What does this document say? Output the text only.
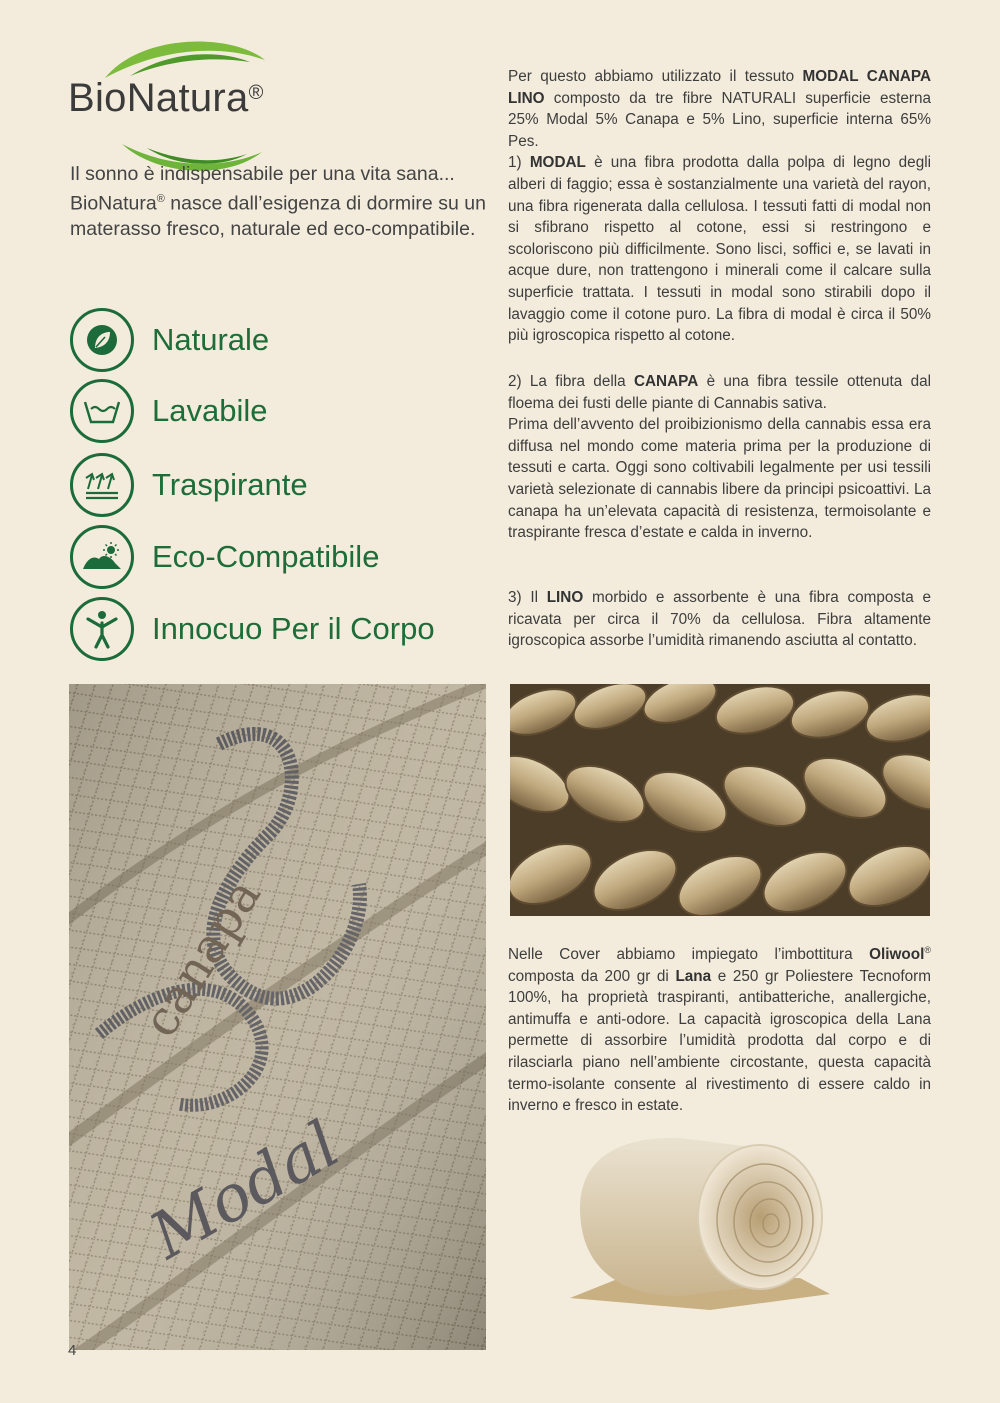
BioNatura®

Il sonno è indispensabile per una vita sana...

BioNatura® nasce dall’esigenza di dormire su un materasso fresco, naturale ed eco-compatibile.

Naturale
Lavabile
Traspirante
Eco-Compatibile
Innocuo Per il Corpo

Per questo abbiamo utilizzato il tessuto MODAL CANAPA LINO composto da tre fibre NATURALI superficie esterna 25% Modal 5% Canapa e 5% Lino, superficie interna 65% Pes.

1) MODAL è una fibra prodotta dalla polpa di legno degli alberi di faggio; essa è sostanzialmente una varietà del rayon, una fibra rigenerata dalla cellulosa. I tessuti fatti di modal non si sfibrano rispetto al cotone, essi si restringono e scoloriscono più difficilmente. Sono lisci, soffici e, se lavati in acque dure, non trattengono i minerali come il calcare sulla superficie trattata. I tessuti in modal sono stirabili dopo il lavaggio come il cotone puro. La fibra di modal è circa il 50% più igroscopica rispetto al cotone.

2) La fibra della CANAPA è una fibra tessile ottenuta dal floema dei fusti delle piante di Cannabis sativa.

Prima dell’avvento del proibizionismo della cannabis essa era diffusa nel mondo come materia prima per la produzione di tessuti e carta. Oggi sono coltivabili legalmente per usi tessili varietà selezionate di cannabis libere da principi psicoattivi. La canapa ha un’elevata capacità di resistenza, termoisolante e traspirante fresca d’estate e calda in inverno.

3) Il LINO morbido e assorbente è una fibra composta e ricavata per circa il 70% da cellulosa. Fibra altamente igroscopica assorbe l’umidità rimanendo asciutta al contatto.

Nelle Cover abbiamo impiegato l’imbottitura Oliwool® composta da 200 gr di Lana e 250 gr Poliestere Tecnoform 100%, ha proprietà traspiranti, antibatteriche, anallergiche, antimuffa e anti-odore. La capacità igroscopica della Lana permette di assorbire l’umidità prodotta dal corpo e di rilasciarla piano nell’ambiente circostante, questa capacità termo-isolante consente al rivestimento di essere caldo in inverno e fresco in estate.

4
